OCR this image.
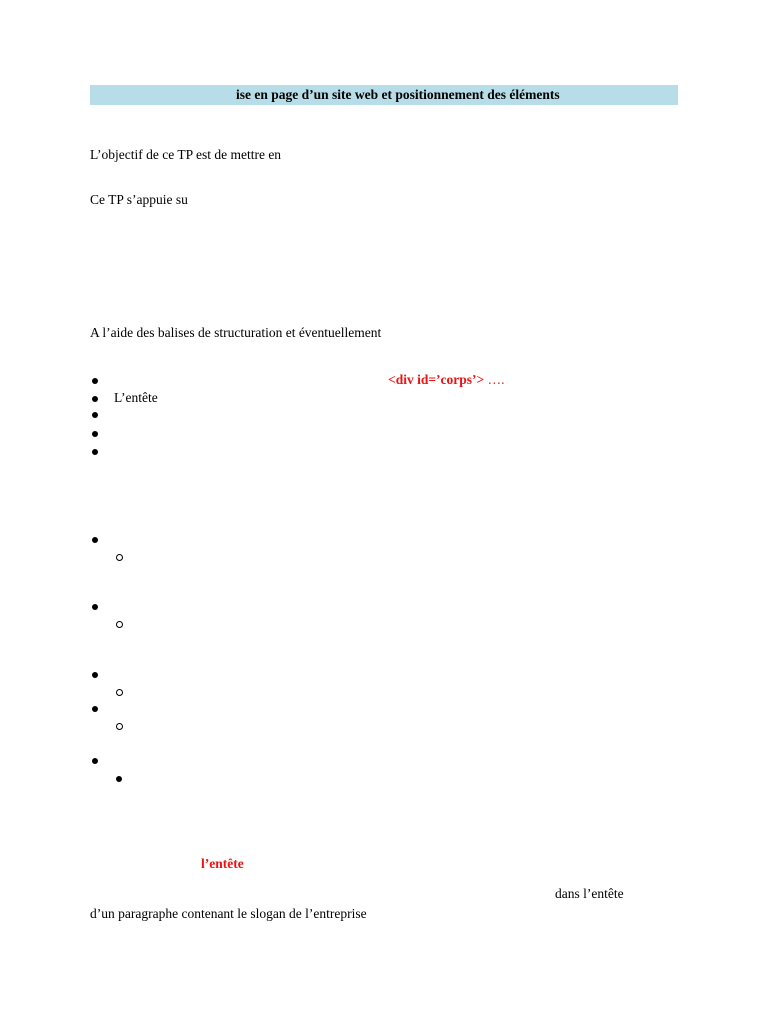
ise en page d’un site web et positionnement des éléments
L’objectif de ce TP est de mettre en
Ce TP s’appuie su
A l’aide des balises de structuration et éventuellement
<div id=’corps’> ….
L’entête
l’entête
dans l’entête
d’un paragraphe contenant le slogan de l’entreprise
